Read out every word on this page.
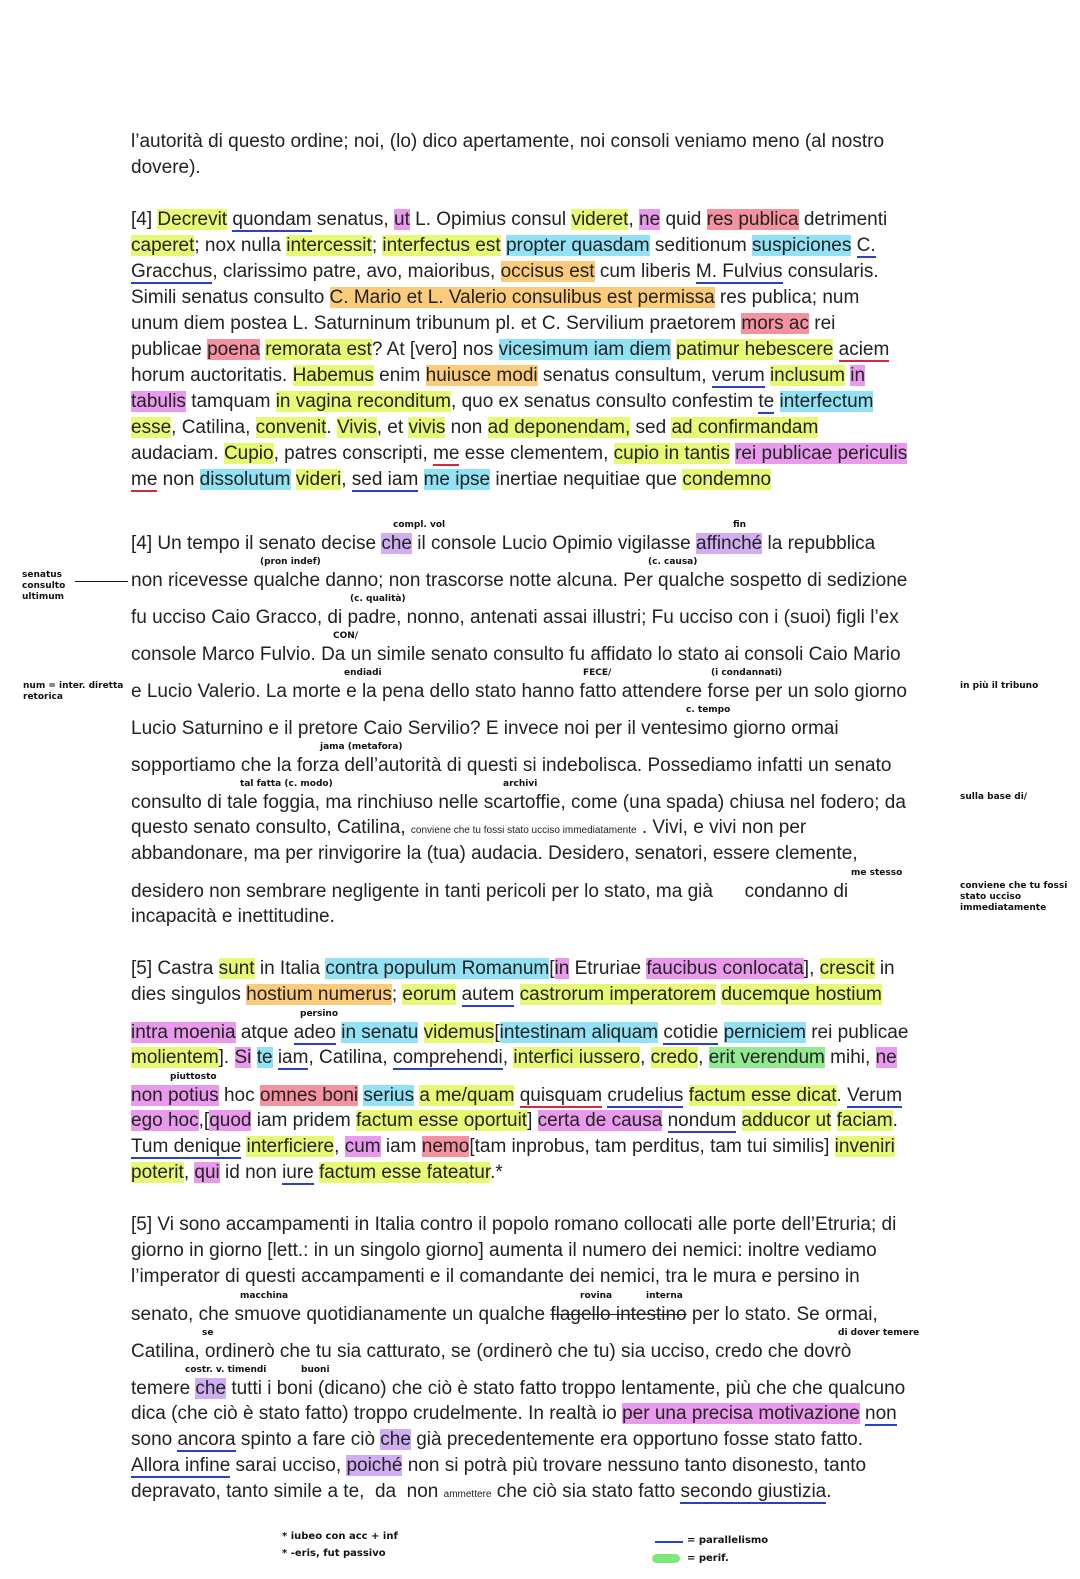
l’autorità di questo ordine; noi, (lo) dico apertamente, noi consoli veniamo meno (al nostro
dovere).
[4] Decrevit quondam senatus, ut L. Opimius consul videret, ne quid res publica detrimenti
caperet; nox nulla intercessit; interfectus est propter quasdam seditionum suspiciones C.
Gracchus, clarissimo patre, avo, maioribus, occisus est cum liberis M. Fulvius consularis.
Simili senatus consulto C. Mario et L. Valerio consulibus est permissa res publica; num
unum diem postea L. Saturninum tribunum pl. et C. Servilium praetorem mors ac rei
publicae poena remorata est? At [vero] nos vicesimum iam diem patimur hebescere aciem
horum auctoritatis. Habemus enim huiusce modi senatus consultum, verum inclusum in
tabulis tamquam in vagina reconditum, quo ex senatus consulto confestim te interfectum
esse, Catilina, convenit. Vivis, et vivis non ad deponendam, sed ad confirmandam
audaciam. Cupio, patres conscripti, me esse clementem, cupio in tantis rei publicae periculis
me non dissolutum videri, sed iam me ipse inertiae nequitiae que condemno
[4] Un tempo il senato decise che il console Lucio Opimio vigilasse affinché la repubblica
compl. vol	fin
non ricevesse qualche danno; non trascorse notte alcuna. Per qualche sospetto di sedizione
(pron indef)	(c. causa)
senatus consulto ultimum
fu ucciso Caio Gracco, di padre, nonno, antenati assai illustri; Fu ucciso con i (suoi) figli l’ex
(c. qualità)
console Marco Fulvio. Da un simile senato consulto fu affidato lo stato ai consoli Caio Mario
CON/
e Lucio Valerio. La morte e la pena dello stato hanno fatto attendere forse per un solo giorno
endiadi	FECE/	(i condannati)
num = inter. diretta retorica
in più il tribuno
Lucio Saturnino e il pretore Caio Servilio? E invece noi per il ventesimo giorno ormai
c. tempo
sopportiamo che la forza dell’autorità di questi si indebolisca. Possediamo infatti un senato
jama (metafora)
consulto di tale foggia, ma rinchiuso nelle scartoffie, come (una spada) chiusa nel fodero; da
tal fatta (c. modo)	archivi
sulla base di/
questo senato consulto, Catilina, conviene che tu fossi stato ucciso immediatamente . Vivi, e vivi non per
abbandonare, ma per rinvigorire la (tua) audacia. Desidero, senatori, essere clemente,
desidero non sembrare negligente in tanti pericoli per lo stato, ma già      condanno di
me stesso
conviene che tu fossi stato ucciso immediatamente
incapacità e inettitudine.
[5] Castra sunt in Italia contra populum Romanum[in Etruriae faucibus conlocata], crescit in
dies singulos hostium numerus; eorum autem castrorum imperatorem ducemque hostium
intra moenia atque adeo in senatu videmus[intestinam aliquam cotidie perniciem rei publicae
persino
molientem]. Si te iam, Catilina, comprehendi, interfici iussero, credo, erit verendum mihi, ne
non potius hoc omnes boni serius a me/quam quisquam crudelius factum esse dicat. Verum
piuttosto
ego hoc,[quod iam pridem factum esse oportuit] certa de causa nondum adducor ut faciam.
Tum denique interficiere, cum iam nemo[tam inprobus, tam perditus, tam tui similis] inveniri
poterit, qui id non iure factum esse fateatur.*
[5] Vi sono accampamenti in Italia contro il popolo romano collocati alle porte dell’Etruria; di
giorno in giorno [lett.: in un singolo giorno] aumenta il numero dei nemici: inoltre vediamo
l’imperator di questi accampamenti e il comandante dei nemici, tra le mura e persino in
senato, che smuove quotidianamente un qualche flagello intestino per lo stato. Se ormai,
macchina	rovina	interna
Catilina, ordinerò che tu sia catturato, se (ordinerò che tu) sia ucciso, credo che dovrò
se	di dover temere
temere che tutti i boni (dicano) che ciò è stato fatto troppo lentamente, più che che qualcuno
costr. v. timendi	buoni
dica (che ciò è stato fatto) troppo crudelmente. In realtà io per una precisa motivazione non
sono ancora spinto a fare ciò che già precedentemente era opportuno fosse stato fatto.
Allora infine sarai ucciso, poiché non si potrà più trovare nessuno tanto disonesto, tanto
depravato, tanto simile a te,  da  non ammettere che ciò sia stato fatto secondo giustizia.
* iubeo con acc + inf
* -eris, fut passivo
= parallelismo
= perif.
